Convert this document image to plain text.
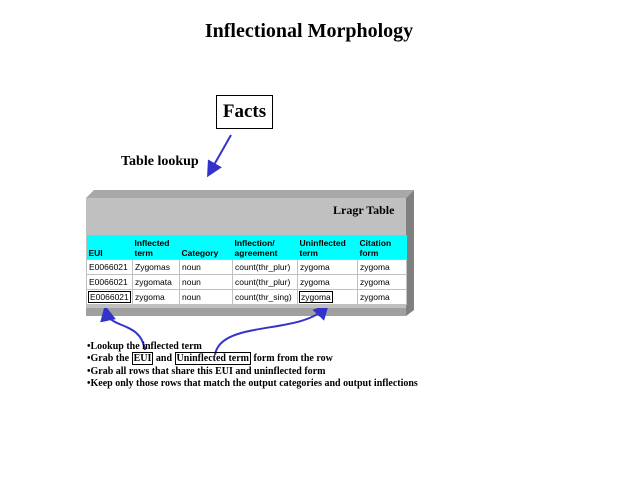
Inflectional Morphology
Facts
Table lookup
Lragr Table
EUI	Inflected term	Category	Inflection/ agreement	Uninflected term	Citation form
E0066021	Zygomas	noun	count(thr_plur)	zygoma	zygoma
E0066021	zygomata	noun	count(thr_plur)	zygoma	zygoma
E0066021	zygoma	noun	count(thr_sing)	zygoma	zygoma
•Lookup the inflected term
•Grab the EUI and Uninflected term form from the row
•Grab all rows that share this EUI and uninflected form
•Keep only those rows that match the output categories and output inflections
